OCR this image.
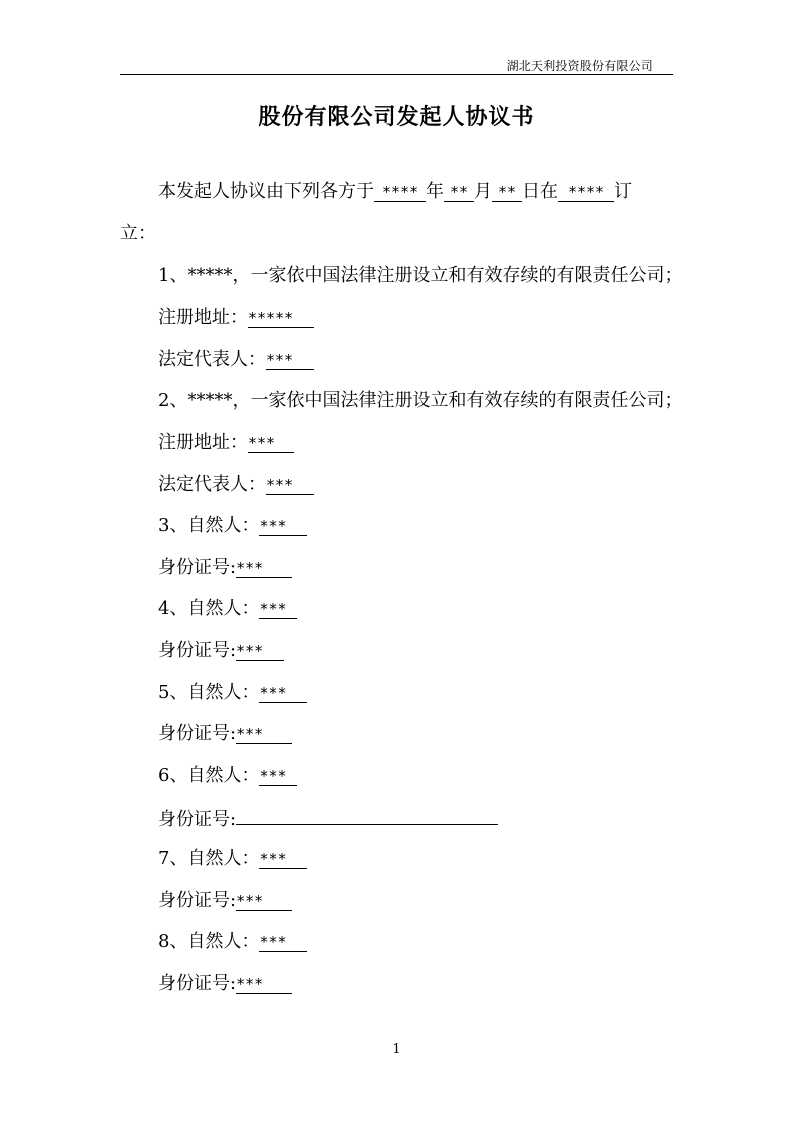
湖北天利投资股份有限公司
股份有限公司发起人协议书
本发起人协议由下列各方于 **** 年 ** 月 ** 日在 **** 订
立：
1、*****，一家依中国法律注册设立和有效存续的有限责任公司；
注册地址：*****
法定代表人：***
2、*****，一家依中国法律注册设立和有效存续的有限责任公司；
注册地址：***
法定代表人：***
3、自然人：***
身份证号:***
4、自然人：***
身份证号:***
5、自然人：***
身份证号:***
6、自然人：***
身份证号:
7、自然人：***
身份证号:***
8、自然人：***
身份证号:***
1
